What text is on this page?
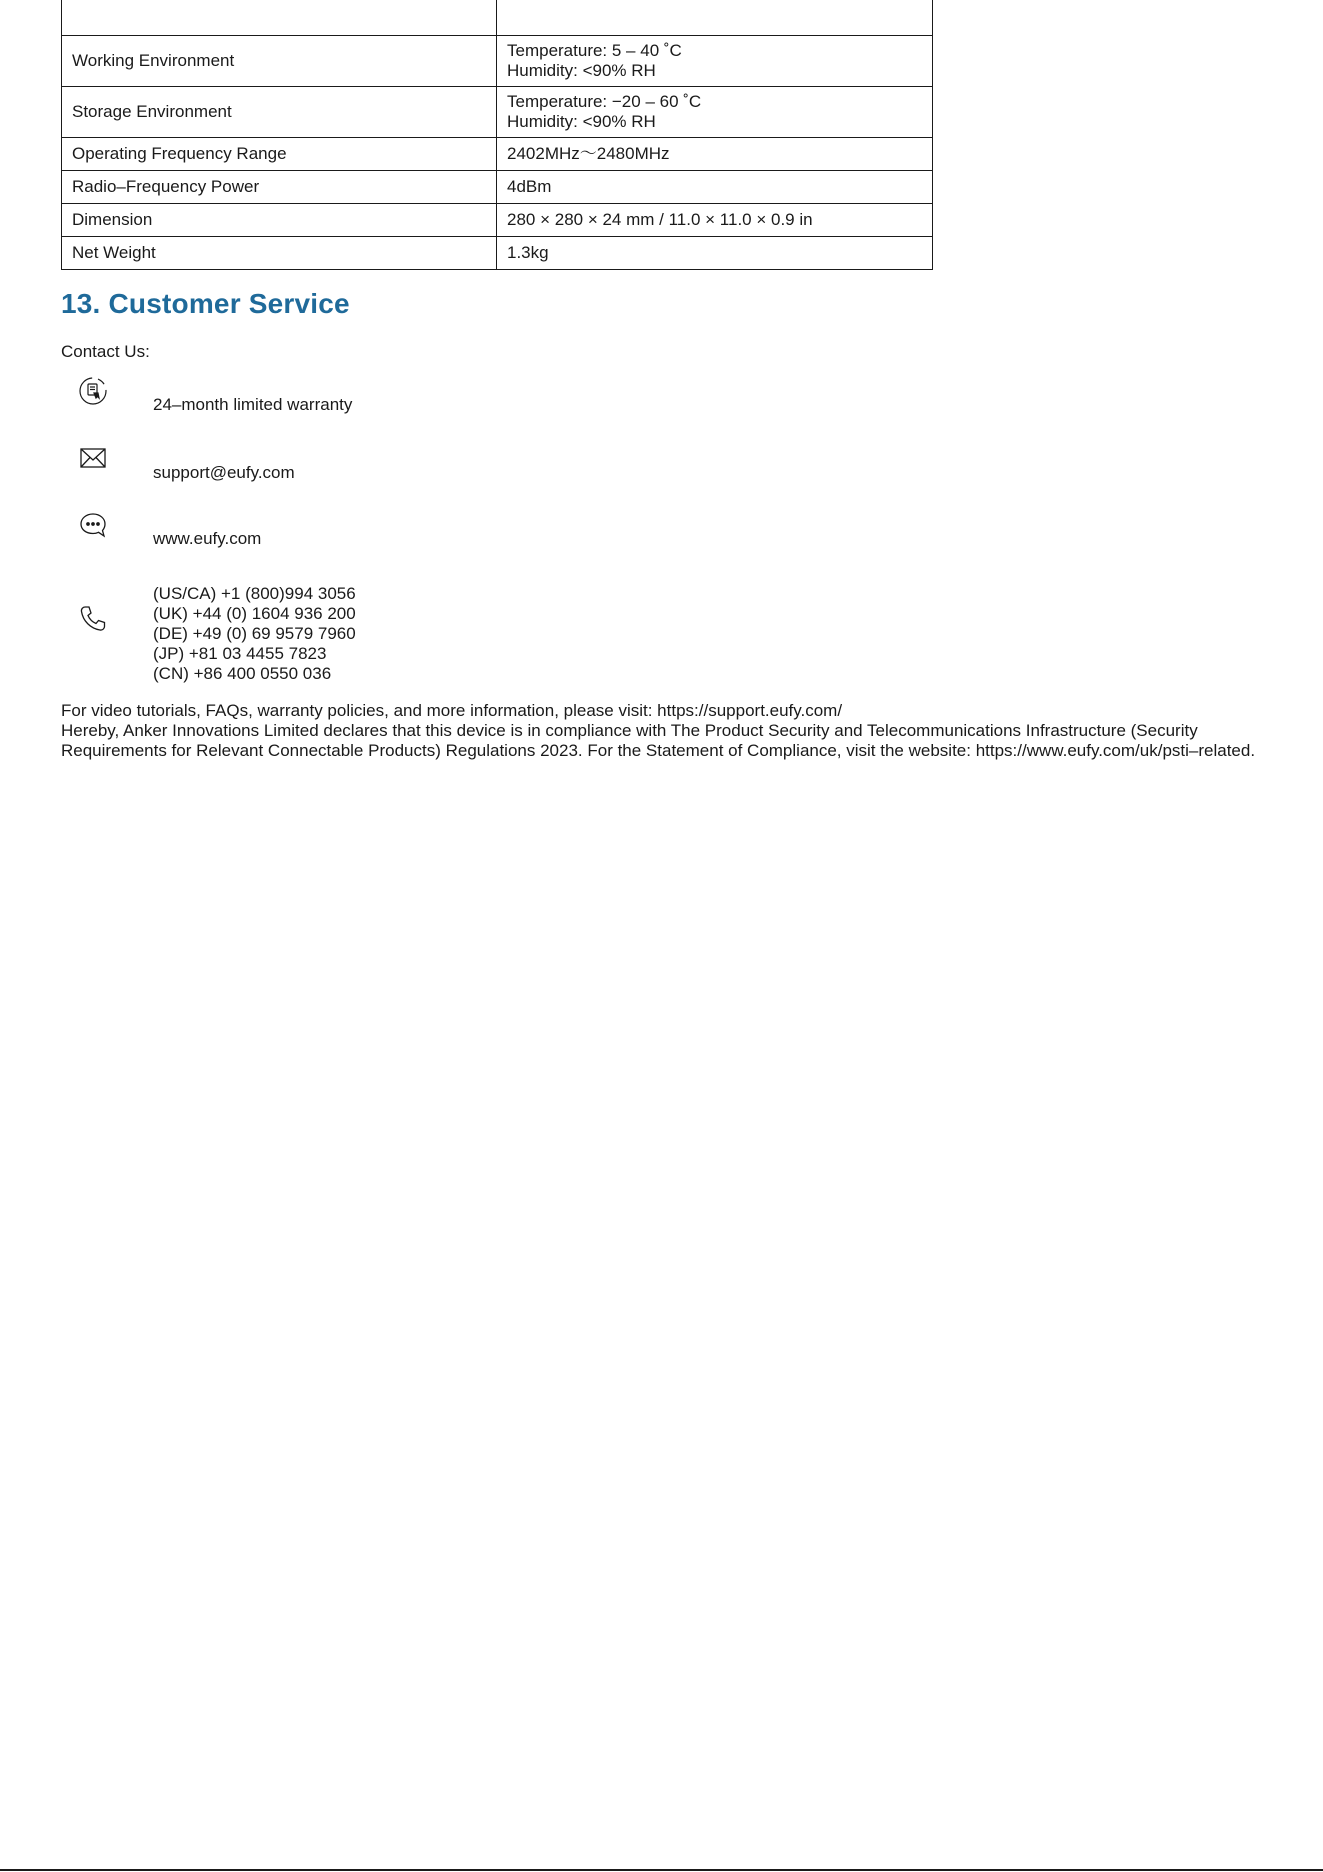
Working Environment	Temperature: 5 – 40 ˚C
Humidity: <90% RH

Storage Environment	Temperature: −20 – 60 ˚C
Humidity: <90% RH

Operating Frequency Range	2402MHz～2480MHz
Radio–Frequency Power	4dBm
Dimension	280 × 280 × 24 mm / 11.0 × 11.0 × 0.9 in
Net Weight	1.3kg
13. Customer Service
Contact Us:
24–month limited warranty
support@eufy.com
www.eufy.com
(US/CA) +1 (800)994 3056
(UK) +44 (0) 1604 936 200
(DE) +49 (0) 69 9579 7960
(JP) +81 03 4455 7823
(CN) +86 400 0550 036

For video tutorials, FAQs, warranty policies, and more information, please visit: https://support.eufy.com/

Hereby, Anker Innovations Limited declares that this device is in compliance with The Product Security and Telecommunications Infrastructure (Security Requirements for Relevant Connectable Products) Regulations 2023. For the Statement of Compliance, visit the website: https://www.eufy.com/uk/psti–related.
